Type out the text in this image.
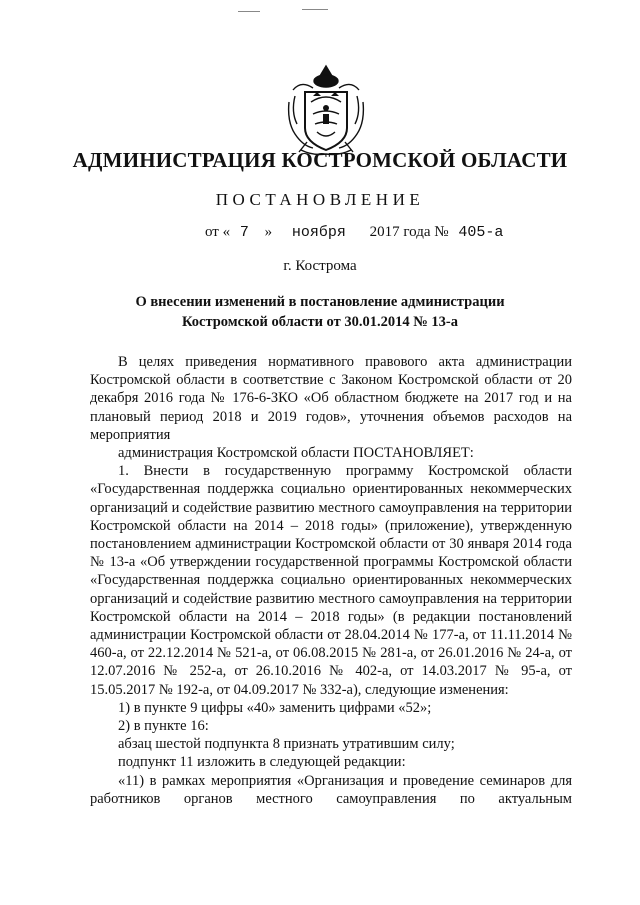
АДМИНИСТРАЦИЯ КОСТРОМСКОЙ ОБЛАСТИ
ПОСТАНОВЛЕНИЕ
от « 7 » ноября 2017 года № 405-а
г. Кострома
О внесении изменений в постановление администрации
Костромской области от 30.01.2014 № 13-а

В целях приведения нормативного правового акта администрации Костромской области в соответствие с Законом Костромской области от 20 декабря 2016 года № 176-6-ЗКО «Об областном бюджете на 2017 год и на плановый период 2018 и 2019 годов», уточнения объемов расходов на мероприятия

администрация Костромской области ПОСТАНОВЛЯЕТ:

1. Внести в государственную программу Костромской области «Государственная поддержка социально ориентированных некоммерческих организаций и содействие развитию местного самоуправления на территории Костромской области на 2014 – 2018 годы» (приложение), утвержденную постановлением администрации Костромской области от 30 января 2014 года № 13-а «Об утверждении государственной программы Костромской области «Государственная поддержка социально ориентированных некоммерческих организаций и содействие развитию местного самоуправления на территории Костромской области на 2014 – 2018 годы» (в редакции постановлений администрации Костромской области от 28.04.2014 № 177-а, от 11.11.2014 № 460-а, от 22.12.2014 № 521-а, от 06.08.2015 № 281-а, от 26.01.2016 № 24-а, от 12.07.2016 № 252-а, от 26.10.2016 № 402-а, от 14.03.2017 № 95-а, от 15.05.2017 № 192-а, от 04.09.2017 № 332-а), следующие изменения:

1) в пункте 9 цифры «40» заменить цифрами «52»;

2) в пункте 16:

абзац шестой подпункта 8 признать утратившим силу;

подпункт 11 изложить в следующей редакции:

«11) в рамках мероприятия «Организация и проведение семинаров для работников органов местного самоуправления по актуальным
